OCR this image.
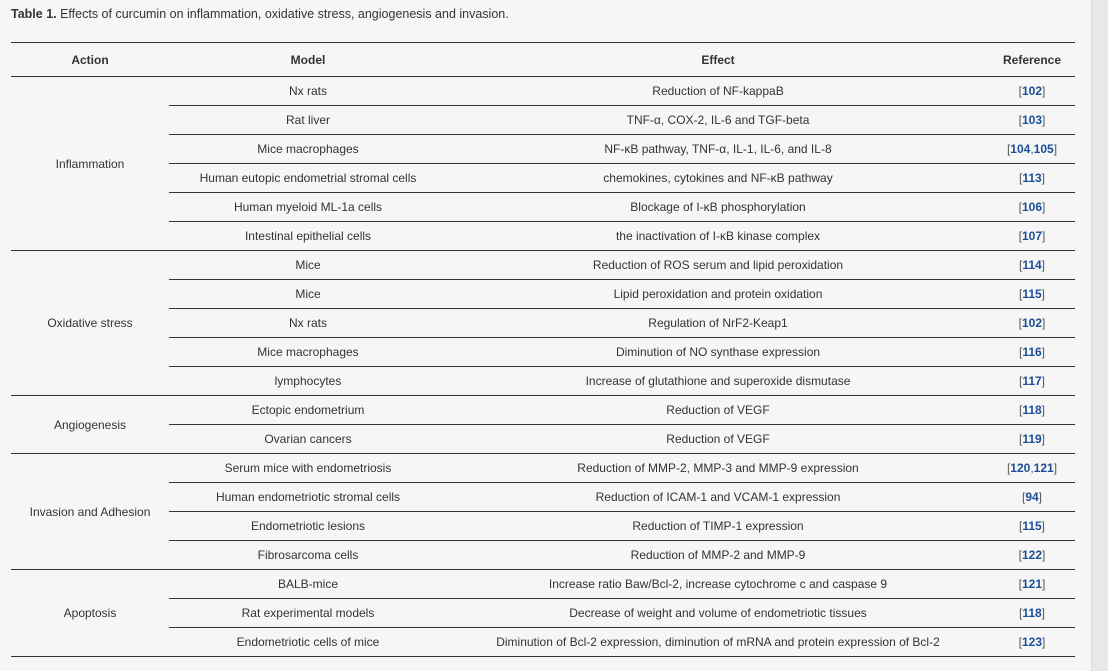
Table 1. Effects of curcumin on inflammation, oxidative stress, angiogenesis and invasion.
Action	Model	Effect	Reference
Inflammation	Nx rats	Reduction of NF-kappaB	[102]
	Rat liver	TNF-α, COX-2, IL-6 and TGF-beta	[103]
	Mice macrophages	NF-κB pathway, TNF-α, IL-1, IL-6, and IL-8	[104,105]
	Human eutopic endometrial stromal cells	chemokines, cytokines and NF-κB pathway	[113]
	Human myeloid ML-1a cells	Blockage of I-κB phosphorylation	[106]
	Intestinal epithelial cells	the inactivation of I-κB kinase complex	[107]
Oxidative stress	Mice	Reduction of ROS serum and lipid peroxidation	[114]
	Mice	Lipid peroxidation and protein oxidation	[115]
	Nx rats	Regulation of NrF2-Keap1	[102]
	Mice macrophages	Diminution of NO synthase expression	[116]
	lymphocytes	Increase of glutathione and superoxide dismutase	[117]
Angiogenesis	Ectopic endometrium	Reduction of VEGF	[118]
	Ovarian cancers	Reduction of VEGF	[119]
Invasion and Adhesion	Serum mice with endometriosis	Reduction of MMP-2, MMP-3 and MMP-9 expression	[120,121]
	Human endometriotic stromal cells	Reduction of ICAM-1 and VCAM-1 expression	[94]
	Endometriotic lesions	Reduction of TIMP-1 expression	[115]
	Fibrosarcoma cells	Reduction of MMP-2 and MMP-9	[122]
Apoptosis	BALB-mice	Increase ratio Baw/Bcl-2, increase cytochrome c and caspase 9	[121]
	Rat experimental models	Decrease of weight and volume of endometriotic tissues	[118]
	Endometriotic cells of mice	Diminution of Bcl-2 expression, diminution of mRNA and protein expression of Bcl-2	[123]
